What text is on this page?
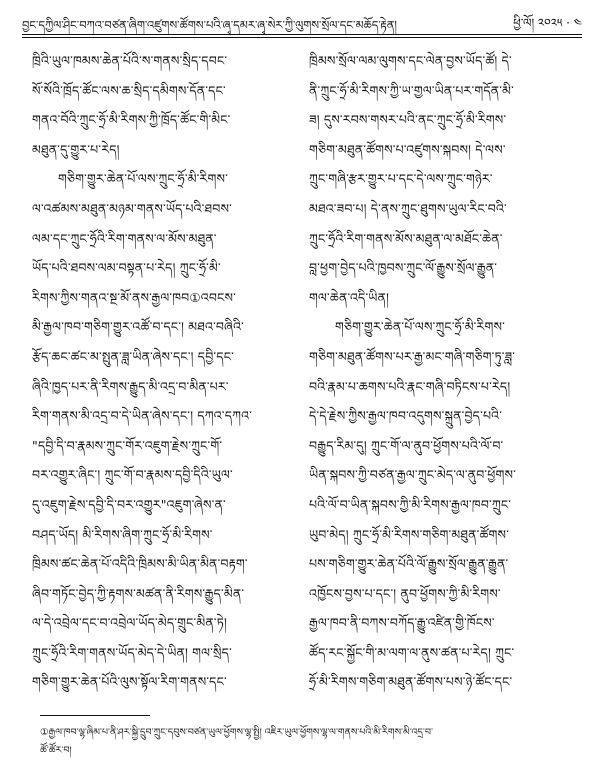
བྱང་དཀྱིལ་ཤིང་བཀའ་བཙན་ཞིག་འཛུགས་ཚོགས་པའི་ཞྭ་དམར་ཞྭ་སེར་ཀྱི་ལུགས་སྲོལ་དང་མཆོད་རྟེན།	ཕྱི་ལོ། ༢༠༢༥ · ༤
ཁྲིའི་ཡུལ་ཁམས་ཆེན་པོའི་ས་གནས་སྲིད་དབང་
སོ་སོའི་ཁྲོད་ཚོང་ལས་ཆ་སྲིད་དམིགས་དོན་དང་
གནའ་བོའི་ཀྲུང་ཧྲོ་མི་རིགས་ཀྱི་ཁྲོད་ཚོང་གི་མིང་
མཐུན་དུ་གྱུར་པ་རེད།
གཅིག་གྱུར་ཆེན་པོ་ལས་ཀྲུང་ཧྲོ་མི་རིགས་
ལ་འཚམས་མཐུན་མཉམ་གནས་ཡོད་པའི་ཐབས་
ལམ་དང་ཀྲུང་ཧྲོའི་རིག་གནས་ལ་མོས་མཐུན་
ཡོད་པའི་ཐབས་ལམ་བསྟན་པ་རེད། ཀྲུང་ཧྲོ་མི་
རིགས་ཀྱིས་གནའ་སྔ་མོ་ནས་རྒྱལ་ཁབ①འབངས་
མི་རྒྱལ་ཁབ་གཅིག་གྱུར་འཚོ་བ་དང་། མཐའ་བཞིའི་
རྩོད་ཆང་ཚང་མ་སྤུན་ཟླ་ཡིན་ཞེས་དང་། དབྱི་དང་
ཞིའི་ཁྱད་པར་ནི་རིགས་རྒྱུད་མི་འདྲ་བ་མིན་པར་
རིག་གནས་མི་འདྲ་བ་དེ་ཡིན་ཞེས་དང་། དཀའ་དཀའ་
"དབྱི་དི་བ་རྣམས་ཀྲུང་གོར་འཇུག་རྗེས་ཀྲུང་གོ་
བར་འགྱུར་ཞིང་། ཀྲུང་གོ་བ་རྣམས་དབྱི་དིའི་ཡུལ་
དུ་འཇུག་རྗེས་དབྱི་དི་བར་འགྱུར"འཇུག་ཞེས་ན་
བཤད་ཡོད། མི་རིགས་ཞིག་ཀྲུང་ཧྲོ་མི་རིགས་
ཁྲིམས་ཚང་ཆེན་པོ་འདིའི་ཁྲིམས་མི་ཡིན་མིན་བརྟག་
ཞིབ་གཏོང་བྱེད་ཀྱི་རྟགས་མཚན་ནི་རིགས་རྒྱུད་མིན་
ལ་དེ་འབྲེལ་དང་བ་འབྲེལ་ཡོད་མེད་གྲུང་མིན་ཏེ།
ཀྲུང་ཧྲོའི་རིག་གནས་ཡོད་མེད་དེ་ཡིན། གལ་སྲིད་
གཅིག་གྱུར་ཆེན་པོའི་ལུས་སྟོལ་རིག་གནས་དང་
ཁྲིམས་སྲོལ་ལམ་ལུགས་དང་ལེན་བྱས་ཡོད་ཚོ། དེ་
ནི་ཀྲུང་ཧྲོ་མི་རིགས་ཀྱི་ཡ་གྱལ་ཡིན་པར་གདོན་མི་
ཟ། དུས་རབས་གསར་པའི་ནང་ཀྲུང་ཧྲོ་མི་རིགས་
གཅིག་མཐུན་ཚོགས་པ་འཛུགས་སྐབས། དེ་ལས་
ཀྲུང་གཞི་རྩར་གྱུར་པ་དང་དེ་ལས་ཀྲུང་གཉེར་
མཐའ་ཟབ་པ། དེ་ནས་ཀྲུང་ཐུགས་ཡུལ་རིང་བའི་
ཀྲུང་ཧྲོའི་རིག་གནས་མོས་མཐུན་ལ་མཐོང་ཆེན་
བླ་ཕྱག་བྱེད་པའི་ཁྱབས་ཀྲུང་ལོ་རྒྱུས་སྲོལ་རྒྱུན་
གལ་ཆེན་འདི་ཡིན།
གཅིག་གྱུར་ཆེན་པོ་ལས་ཀྲུང་ཧྲོ་མི་རིགས་
གཅིག་མཐུན་ཚོགས་པར་རྒྱ་མང་གཞི་གཅིག་ཏུ་ཟླ་
བའི་རྣམ་པ་ཆགས་པའི་རྣང་གཞི་བཏིངས་པ་རེད།
དེ་དེ་རྗེས་ཀྱིས་རྒྱལ་ཁབ་འདུགས་སྐྲུན་བྱེད་པའི་
བརྒྱུད་རིམ་དུ། ཀྲུང་གོ་ལ་ནུབ་ཕྱོགས་པའི་ལོ་བ་
ཡིན་སྐབས་ཀྱི་བཙན་རྒྱལ་ཀྲུང་མེད་ལ་ནུབ་ཕྱོགས་
པའི་ལོ་བ་ཡིན་སྐབས་ཀྱི་མི་རིགས་རྒྱལ་ཁབ་ཀྲུང་
ཡུབ་མེད། ཀྲུང་ཧྲོ་མི་རིགས་གཅིག་མཐུན་ཚོགས་
པས་གཅིག་གྱུར་ཆེན་པོའི་ལོ་རྒྱུས་སྲོལ་རྒྱུན་རྒྱུན་
འཁྱོངས་བྱས་པ་དང་། ནུབ་ཕྱོགས་ཀྱི་མི་རིགས་
རྒྱལ་ཁབ་ནི་བཀས་བཀོད་རྒྱུ་འཛིན་གྱི་ཁོངས་
ཚོད་རང་སྐྱོང་གི་མ་ལག་ལ་ནུས་ཚན་པ་རེད། ཀྲུང་
ཧྲོ་མི་རིགས་གཅིག་མཐུན་ཚོགས་པས་ཉེ་ཚོང་དང་
①རྒྱལ་ཁབ་ལྷ་ཞིམ་པ་ནི་ཤར་སྐྱི་དྲུབ་ཀྲུང་དབུས་བཙན་ཡུལ་ཕྱོགས་ལྷ་སྤྱི། འཇིར་ཡུལ་ཕྱོགས་ལྷ་ལ་གནས་པའི་མི་རིགས་མི་འདྲ་བ་
ཚོ་ཚོར་བ།
